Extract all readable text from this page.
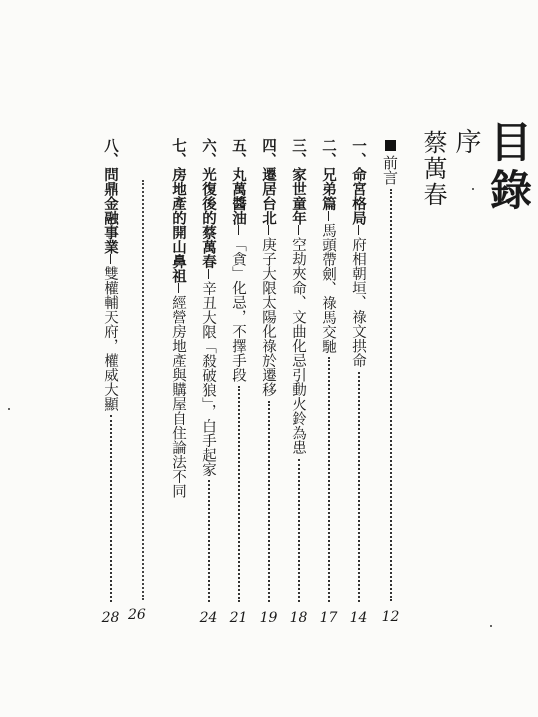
目錄
序
蔡萬春
前言
12
一、
命宮格局
府相朝垣、祿文拱命
14
二、
兄弟篇
馬頭帶劍、祿馬交馳
17
三、
家世童年
空劫夾命、文曲化忌引動火鈴為患
18
四、
遷居台北
庚子大限太陽化祿於遷移
19
五、
丸萬醬油
「貪」化忌，不擇手段
21
六、
光復後的蔡萬春
辛丑大限「殺破狼」，白手起家
24
七、
房地產的開山鼻祖
經營房地產與購屋自住論法不同
26
八、
問鼎金融事業
雙權輔天府，權威大顯
28
